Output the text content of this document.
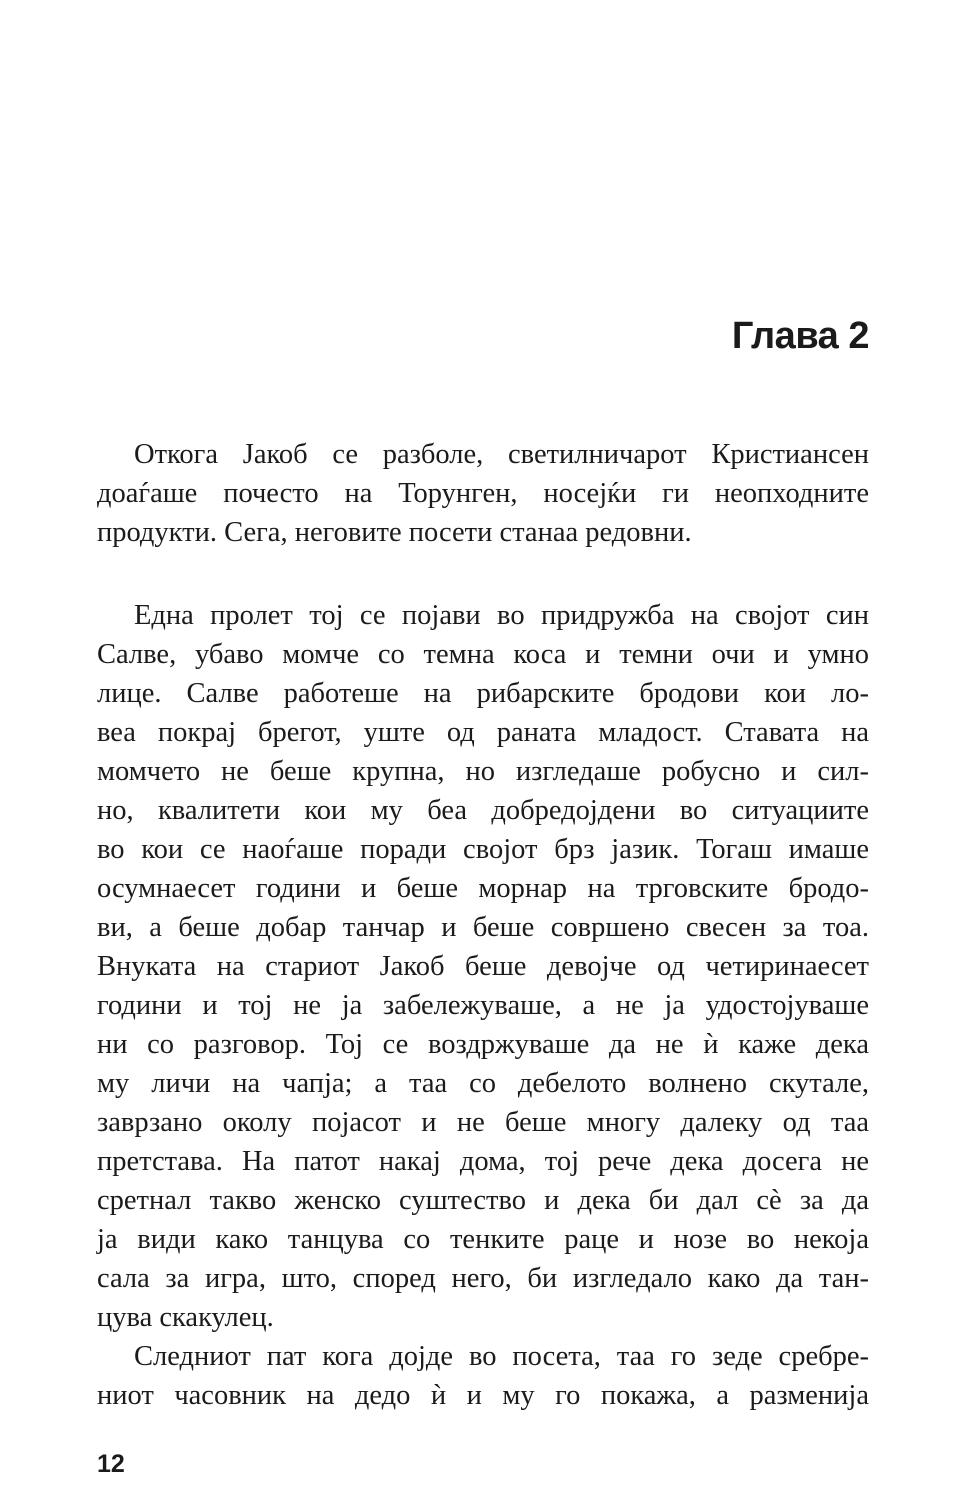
Глава 2
Откога Јакоб се разболе, светилничарот Кристиансен
доаѓаше почесто на Торунген, носејќи ги неопходните
продукти. Сега, неговите посети станаа редовни.
Една пролет тој се појави во придружба на својот син
Салве, убаво момче со темна коса и темни очи и умно
лице. Салве работеше на рибарските бродови кои ло-
веа покрај брегот, уште од раната младост. Ставата на
момчето не беше крупна, но изгледаше робусно и сил-
но, квалитети кои му беа добредојдени во ситуациите
во кои се наоѓаше поради својот брз јазик. Тогаш имаше
осумнаесет години и беше морнар на трговските бродо-
ви, а беше добар танчар и беше совршено свесен за тоа.
Внуката на стариот Јакоб беше девојче од четиринаесет
години и тој не ја забележуваше, а не ја удостојуваше
ни со разговор. Тој се воздржуваше да не ѝ каже дека
му личи на чапја; а таа со дебелото волнено скутале,
заврзано околу појасот и не беше многу далеку од таа
претстава. На патот накај дома, тој рече дека досега не
сретнал такво женско суштество и дека би дал сѐ за да
ја види како танцува со тенките раце и нозе во некоја
сала за игра, што, според него, би изгледало како да тан-
цува скакулец.
Следниот пат кога дојде во посета, таа го зеде сребре-
ниот часовник на дедо ѝ и му го покажа, а разменија
12
